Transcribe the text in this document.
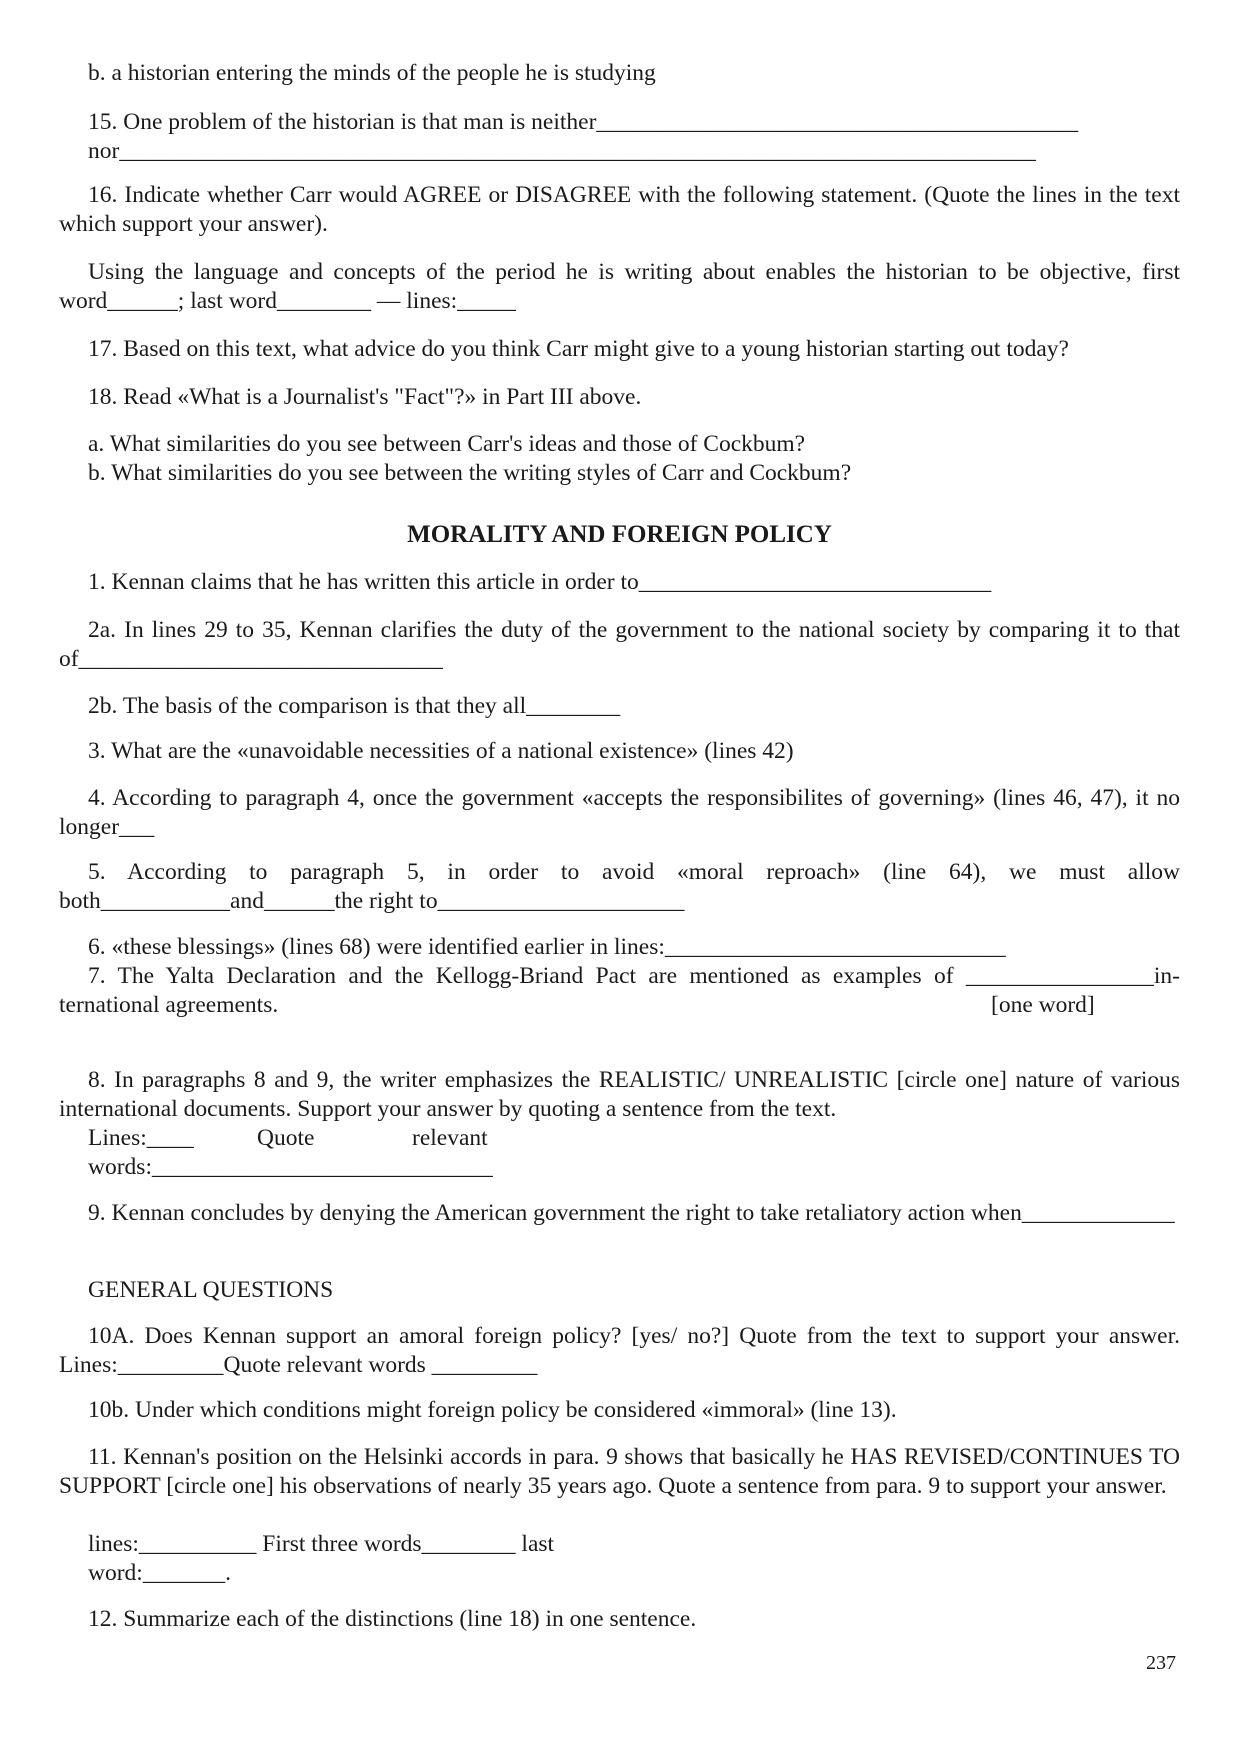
b. a historian entering the minds of the people he is studying

15. One problem of the historian is that man is neither_________________________________________
nor______________________________________________________________________________

16. Indicate whether Carr would AGREE or DISAGREE with the following statement. (Quote the lines in the text which support your answer).

Using the language and concepts of the period he is writing about enables the historian to be objective, first word______; last word________ — lines:_____

17. Based on this text, what advice do you think Carr might give to a young historian starting out today?

18. Read «What is a Journalist's "Fact"?» in Part III above.

a. What similarities do you see between Carr's ideas and those of Cockbum?
b. What similarities do you see between the writing styles of Carr and Cockbum?

MORALITY AND FOREIGN POLICY

1. Kennan claims that he has written this article in order to______________________________

2a. In lines 29 to 35, Kennan clarifies the duty of the government to the national society by comparing it to that of_______________________________

2b. The basis of the comparison is that they all________

3. What are the «unavoidable necessities of a national existence» (lines 42)

4. According to paragraph 4, once the government «accepts the responsibilites of governing» (lines 46, 47), it no longer___

5. According to paragraph 5, in order to avoid «moral reproach» (line 64), we must allow both___________and______the right to_____________________

6. «these blessings» (lines 68) were identified earlier in lines:_____________________________
7. The Yalta Declaration and the Kellogg-Briand Pact are mentioned as examples of ________________in-
ternational agreements.	[one word]

8. In paragraphs 8 and 9, the writer emphasizes the REALISTIC/ UNREALISTIC [circle one] nature of various international documents. Support your answer by quoting a sentence from the text.

Lines:____	Quote	relevant
words:_____________________________

9. Kennan concludes by denying the American government the right to take retaliatory action when_____________

GENERAL QUESTIONS

10A. Does Kennan support an amoral foreign policy? [yes/ no?] Quote from the text to support your answer. Lines:_________Quote relevant words _________

10b. Under which conditions might foreign policy be considered «immoral» (line 13).

11. Kennan's position on the Helsinki accords in para. 9 shows that basically he HAS REVISED/CONTINUES TO SUPPORT [circle one] his observations of nearly 35 years ago. Quote a sentence from para. 9 to support your answer.

lines:__________ First three words________ last
word:_______.

12. Summarize each of the distinctions (line 18) in one sentence.

237
